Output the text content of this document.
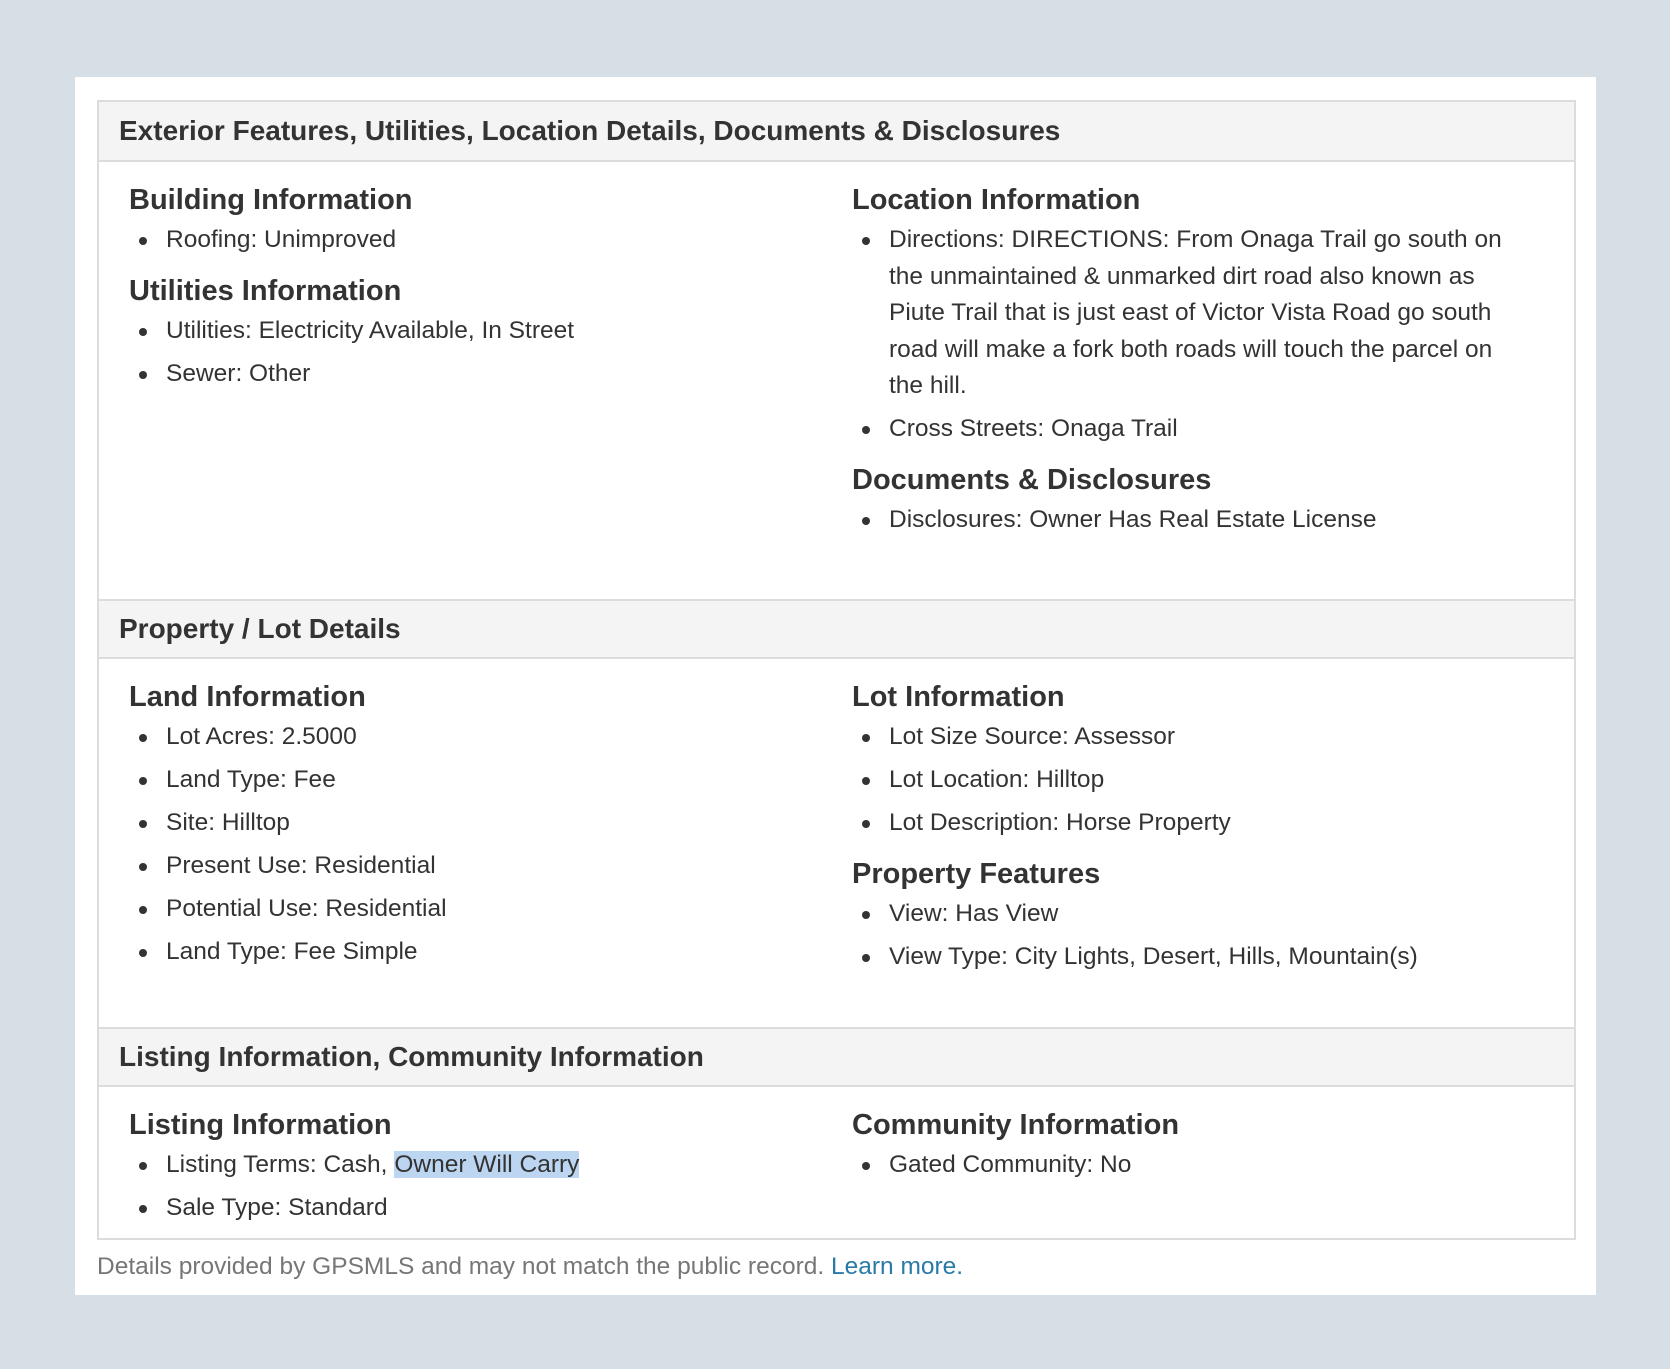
Exterior Features, Utilities, Location Details, Documents & Disclosures
Building Information
Roofing: Unimproved
Utilities Information
Utilities: Electricity Available, In Street
Sewer: Other
Location Information
Directions: DIRECTIONS: From Onaga Trail go south on the unmaintained & unmarked dirt road also known as Piute Trail that is just east of Victor Vista Road go south road will make a fork both roads will touch the parcel on the hill.
Cross Streets: Onaga Trail
Documents & Disclosures
Disclosures: Owner Has Real Estate License
Property / Lot Details
Land Information
Lot Acres: 2.5000
Land Type: Fee
Site: Hilltop
Present Use: Residential
Potential Use: Residential
Land Type: Fee Simple
Lot Information
Lot Size Source: Assessor
Lot Location: Hilltop
Lot Description: Horse Property
Property Features
View: Has View
View Type: City Lights, Desert, Hills, Mountain(s)
Listing Information, Community Information
Listing Information
Listing Terms: Cash, Owner Will Carry
Sale Type: Standard
Community Information
Gated Community: No
Details provided by GPSMLS and may not match the public record. Learn more.
